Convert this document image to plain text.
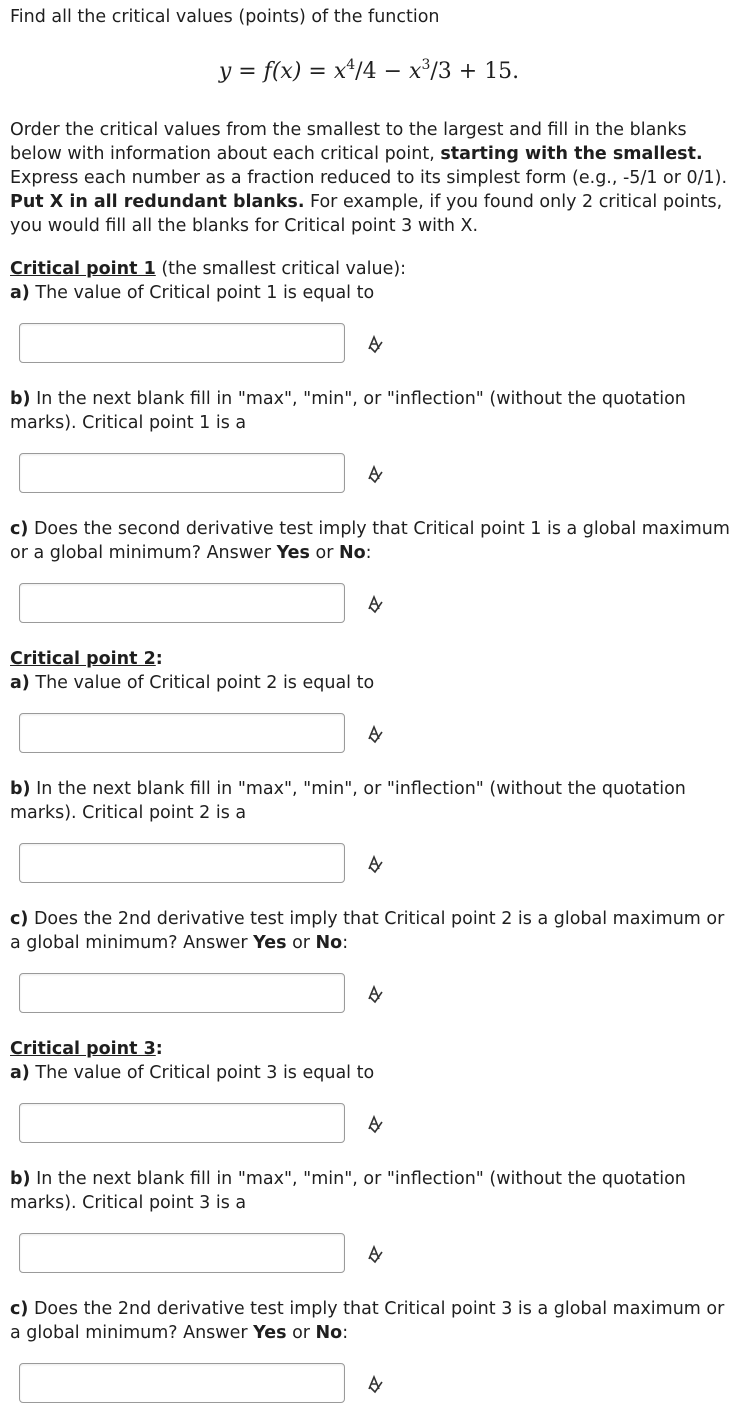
Find all the critical values (points) of the function
$y = f(x) = x^4/4 - x^3/3 + 15$.
Order the critical values from the smallest to the largest and fill in the blanks below with information about each critical point, starting with the smallest. Express each number as a fraction reduced to its simplest form (e.g., -5/1 or 0/1). Put X in all redundant blanks. For example, if you found only 2 critical points, you would fill all the blanks for Critical point 3 with X.
Critical point 1 (the smallest critical value):
a) The value of Critical point 1 is equal to
b) In the next blank fill in "max", "min", or "inflection" (without the quotation marks). Critical point 1 is a
c) Does the second derivative test imply that Critical point 1 is a global maximum or a global minimum? Answer Yes or No:
Critical point 2:
a) The value of Critical point 2 is equal to
b) In the next blank fill in "max", "min", or "inflection" (without the quotation marks). Critical point 2 is a
c) Does the 2nd derivative test imply that Critical point 2 is a global maximum or a global minimum? Answer Yes or No:
Critical point 3:
a) The value of Critical point 3 is equal to
b) In the next blank fill in "max", "min", or "inflection" (without the quotation marks). Critical point 3 is a
c) Does the 2nd derivative test imply that Critical point 3 is a global maximum or a global minimum? Answer Yes or No:
